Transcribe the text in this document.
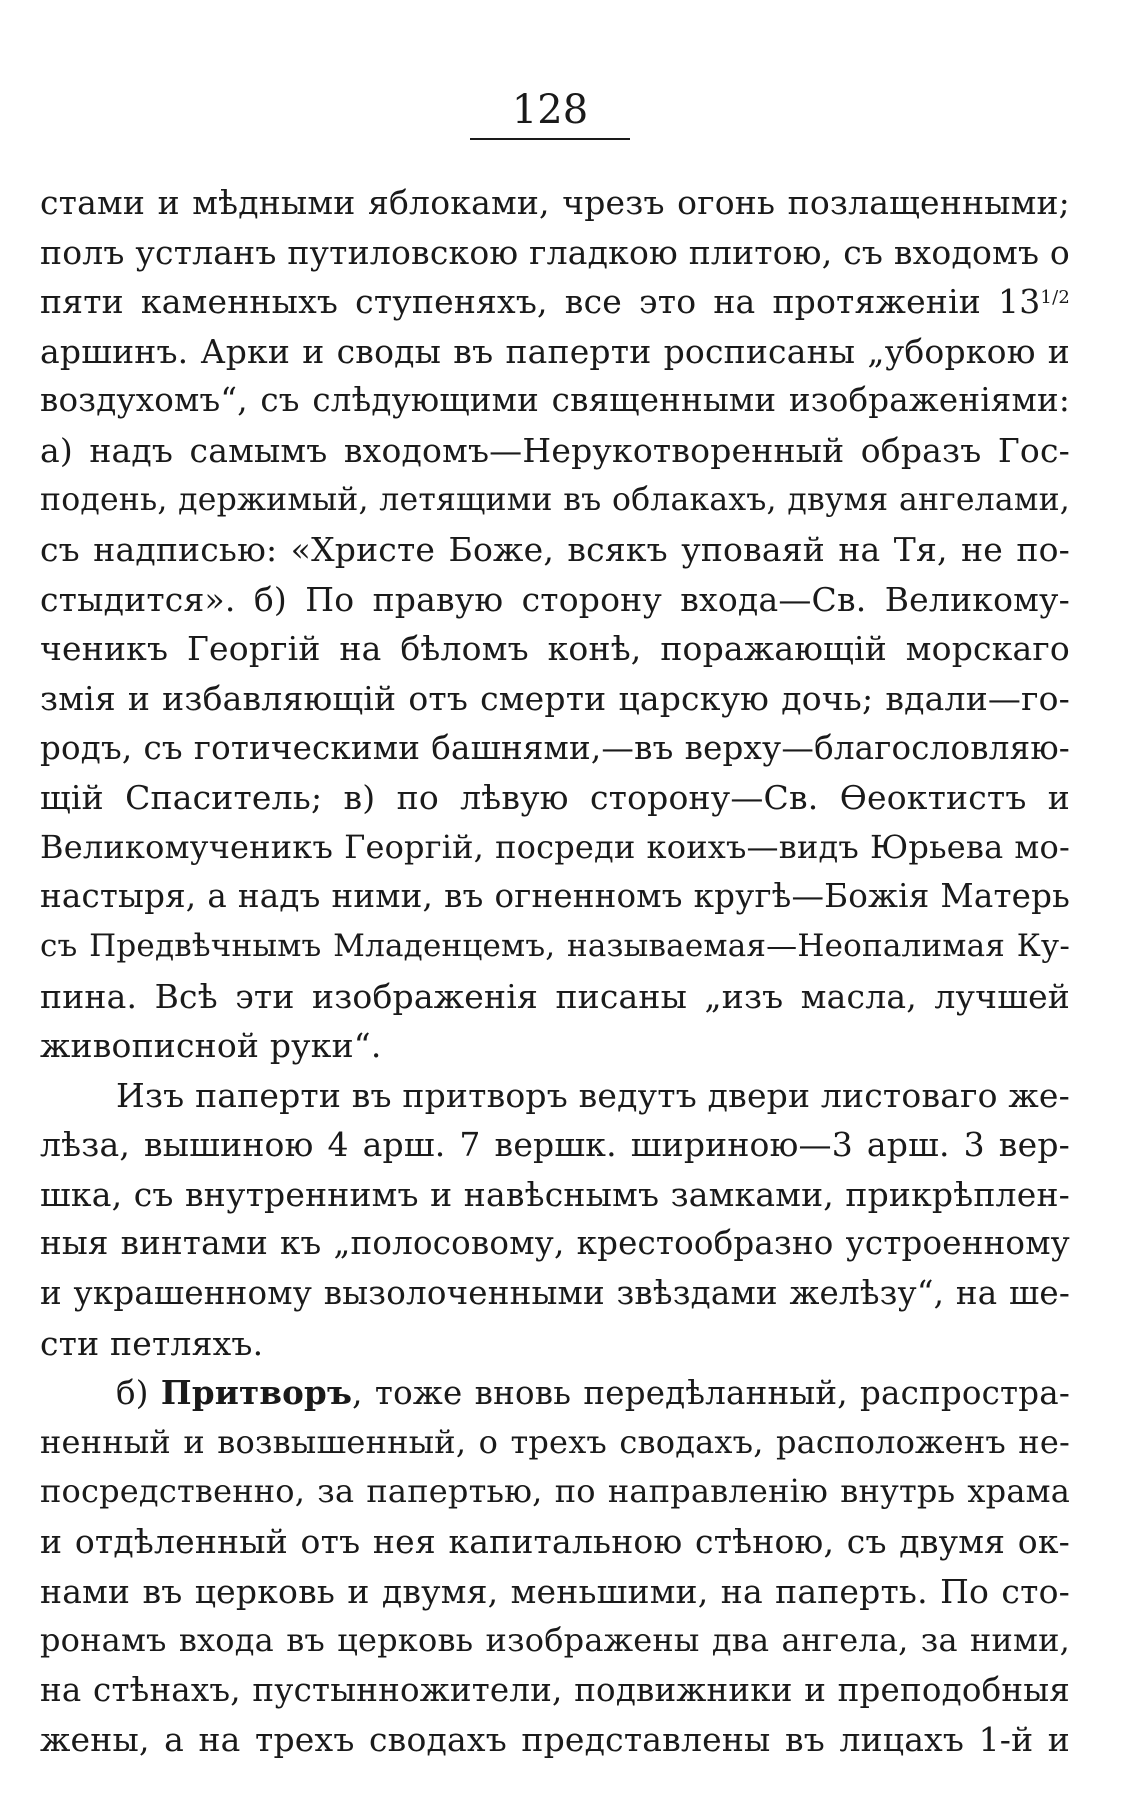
128
стами и мѣдными яблоками, чрезъ огонь позлащенными;
полъ устланъ путиловскою гладкою плитою, съ входомъ о
пяти каменныхъ ступеняхъ, все это на протяженіи $13^{1/2}$
аршинъ. Арки и своды въ паперти росписаны „уборкою и
воздухомъ“, съ слѣдующими священными изображеніями:
а) надъ самымъ входомъ—Нерукотворенный образъ Гос-
подень, держимый, летящими въ облакахъ, двумя ангелами,
съ надписью: «Христе Боже, всякъ уповаяй на Тя, не по-
стыдится». б) По правую сторону входа—Св. Великому-
ченикъ Георгій на бѣломъ конѣ, поражающій морскаго
змія и избавляющій отъ смерти царскую дочь; вдали—го-
родъ, съ готическими башнями,—въ верху—благословляю-
щій Спаситель; в) по лѣвую сторону—Св. Ѳеоктистъ и
Великомученикъ Георгій, посреди коихъ—видъ Юрьева мо-
настыря, а надъ ними, въ огненномъ кругѣ—Божія Матерь
съ Предвѣчнымъ Младенцемъ, называемая—Неопалимая Ку-
пина. Всѣ эти изображенія писаны „изъ масла, лучшей
живописной руки“.
Изъ паперти въ притворъ ведутъ двери листоваго же-
лѣза, вышиною 4 арш. 7 вершк. шириною—3 арш. 3 вер-
шка, съ внутреннимъ и навѣснымъ замками, прикрѣплен-
ныя винтами къ „полосовому, крестообразно устроенному
и украшенному вызолоченными звѣздами желѣзу“, на ше-
сти петляхъ.
б) Притворъ, тоже вновь передѣланный, распростра-
ненный и возвышенный, о трехъ сводахъ, расположенъ не-
посредственно, за папертью, по направленію внутрь храма
и отдѣленный отъ нея капитальною стѣною, съ двумя ок-
нами въ церковь и двумя, меньшими, на паперть. По сто-
ронамъ входа въ церковь изображены два ангела, за ними,
на стѣнахъ, пустынножители, подвижники и преподобныя
жены, а на трехъ сводахъ представлены въ лицахъ 1-й и
